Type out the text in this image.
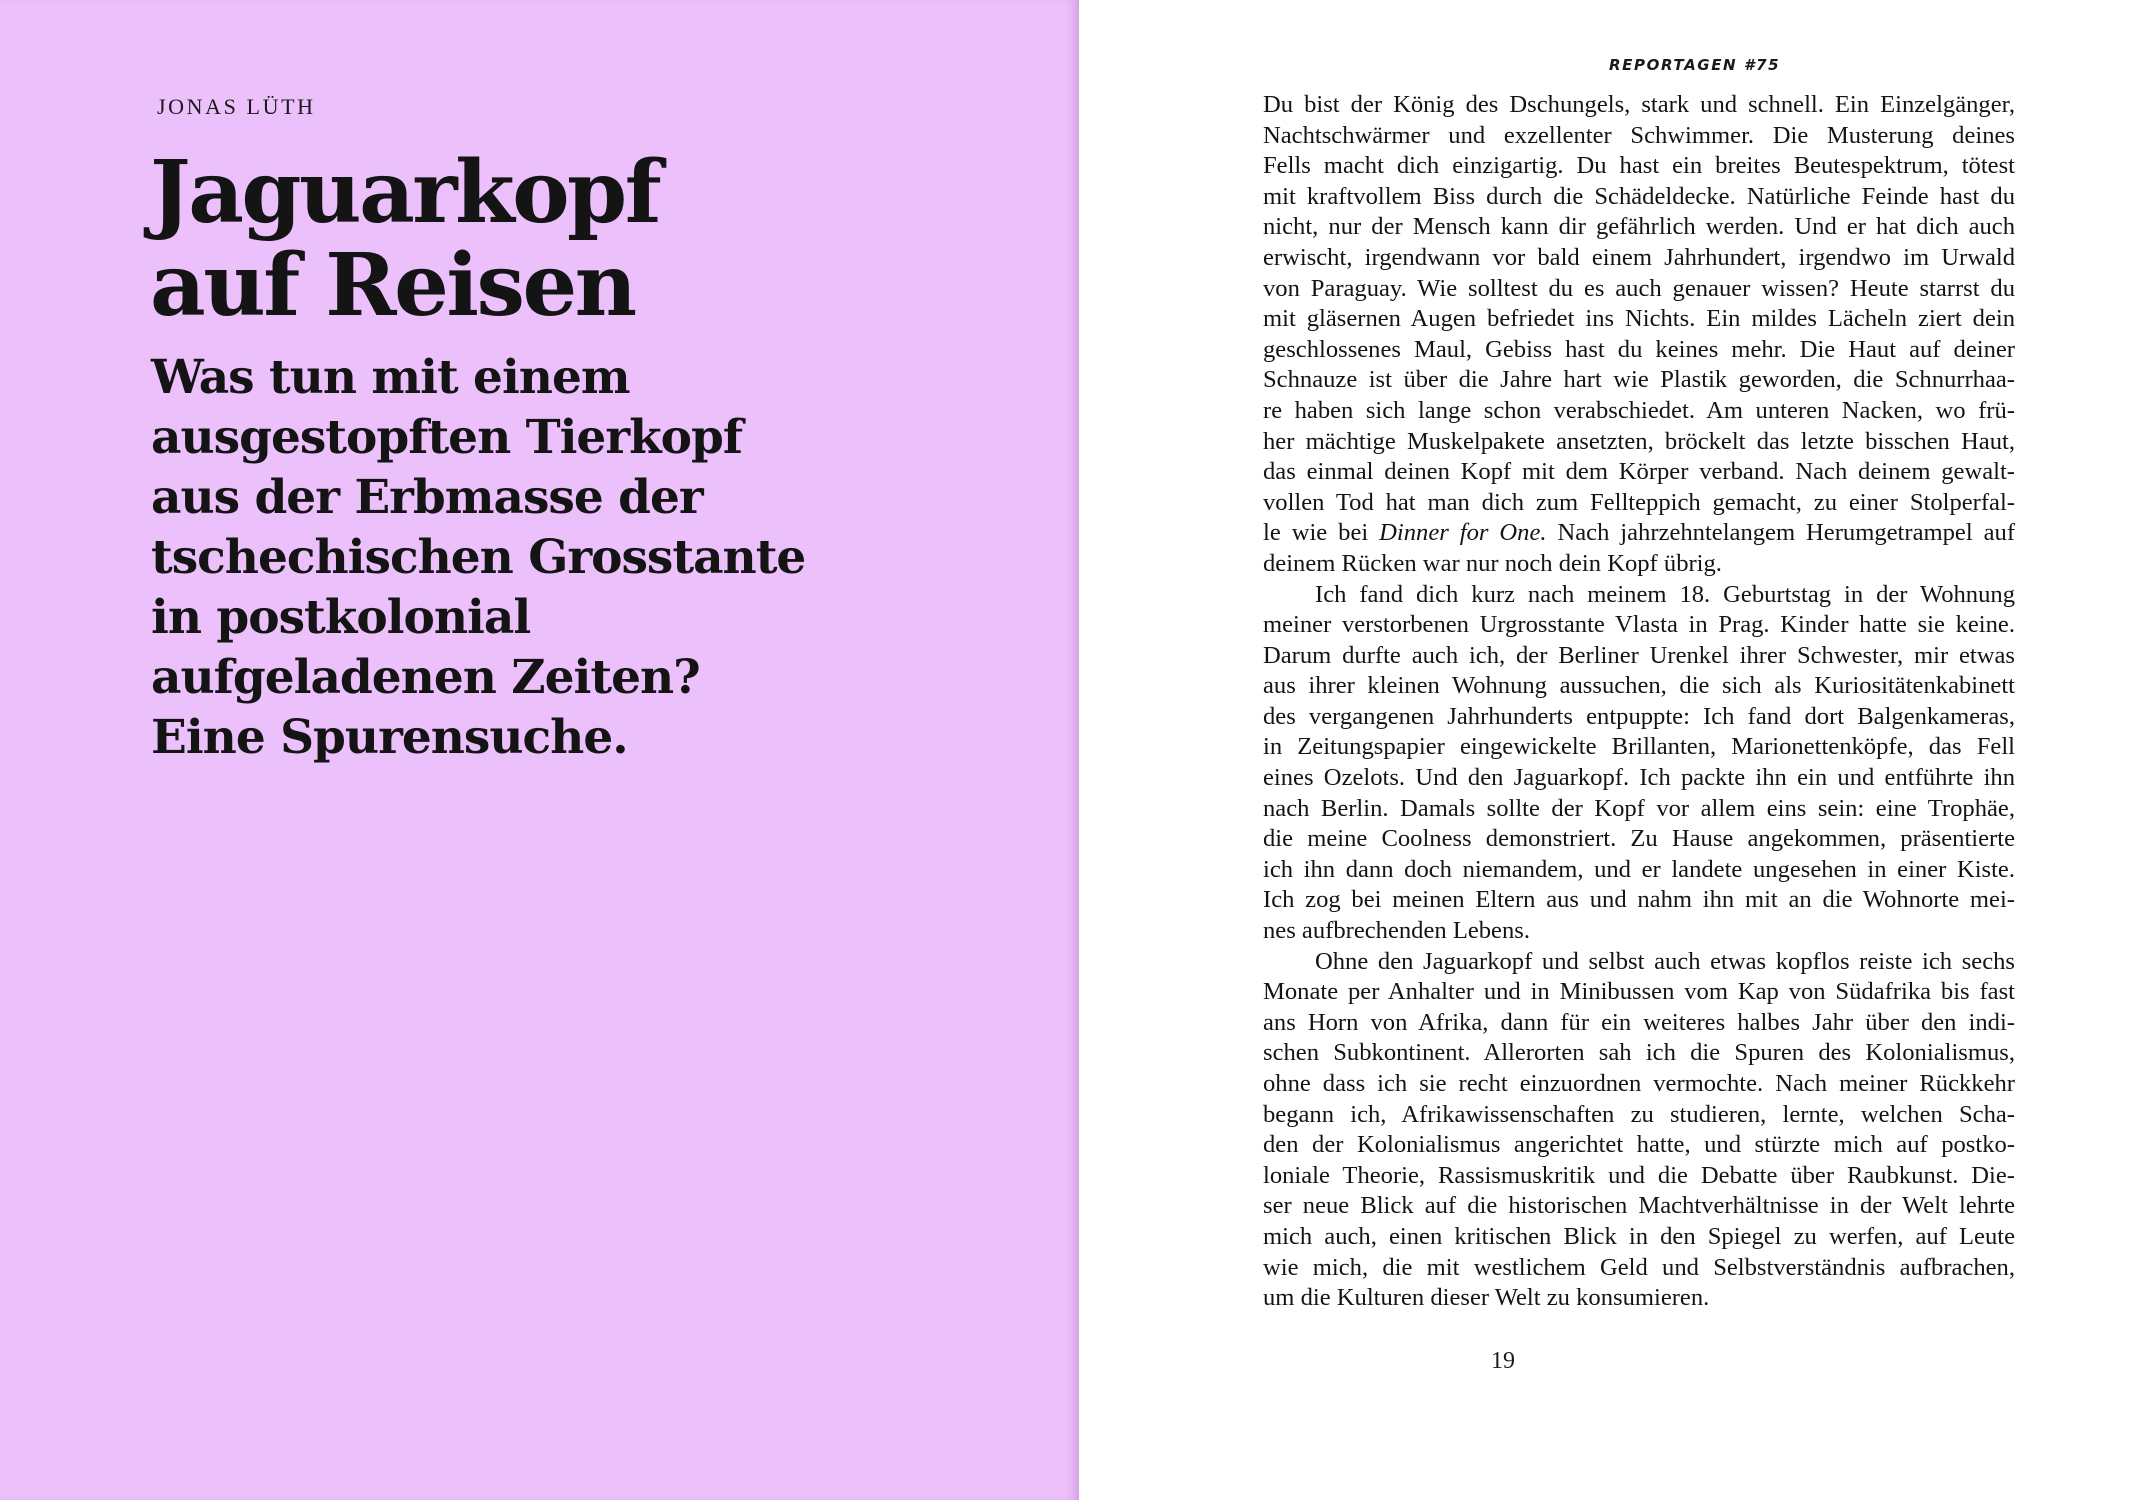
JONAS LÜTH
Jaguarkopf
auf Reisen
Was tun mit einem
ausgestopften Tierkopf
aus der Erbmasse der
tschechischen Grosstante
in postkolonial
aufgeladenen Zeiten?
Eine Spurensuche.
REPORTAGEN #75
Du bist der König des Dschungels, stark und schnell. Ein Einzelgänger,
Nachtschwärmer und exzellenter Schwimmer. Die Musterung deines
Fells macht dich einzigartig. Du hast ein breites Beutespektrum, tötest
mit kraftvollem Biss durch die Schädeldecke. Natürliche Feinde hast du
nicht, nur der Mensch kann dir gefährlich werden. Und er hat dich auch
erwischt, irgendwann vor bald einem Jahrhundert, irgendwo im Urwald
von Paraguay. Wie solltest du es auch genauer wissen? Heute starrst du
mit gläsernen Augen befriedet ins Nichts. Ein mildes Lächeln ziert dein
geschlossenes Maul, Gebiss hast du keines mehr. Die Haut auf deiner
Schnauze ist über die Jahre hart wie Plastik geworden, die Schnurrhaa-
re haben sich lange schon verabschiedet. Am unteren Nacken, wo frü-
her mächtige Muskelpakete ansetzten, bröckelt das letzte bisschen Haut,
das einmal deinen Kopf mit dem Körper verband. Nach deinem gewalt-
vollen Tod hat man dich zum Fellteppich gemacht, zu einer Stolperfal-
le wie bei Dinner for One. Nach jahrzehntelangem Herumgetrampel auf
deinem Rücken war nur noch dein Kopf übrig.
Ich fand dich kurz nach meinem 18. Geburtstag in der Wohnung
meiner verstorbenen Urgrosstante Vlasta in Prag. Kinder hatte sie keine.
Darum durfte auch ich, der Berliner Urenkel ihrer Schwester, mir etwas
aus ihrer kleinen Wohnung aussuchen, die sich als Kuriositätenkabinett
des vergangenen Jahrhunderts entpuppte: Ich fand dort Balgenkameras,
in Zeitungspapier eingewickelte Brillanten, Marionettenköpfe, das Fell
eines Ozelots. Und den Jaguarkopf. Ich packte ihn ein und entführte ihn
nach Berlin. Damals sollte der Kopf vor allem eins sein: eine Trophäe,
die meine Coolness demonstriert. Zu Hause angekommen, präsentierte
ich ihn dann doch niemandem, und er landete ungesehen in einer Kiste.
Ich zog bei meinen Eltern aus und nahm ihn mit an die Wohnorte mei-
nes aufbrechenden Lebens.
Ohne den Jaguarkopf und selbst auch etwas kopflos reiste ich sechs
Monate per Anhalter und in Minibussen vom Kap von Südafrika bis fast
ans Horn von Afrika, dann für ein weiteres halbes Jahr über den indi-
schen Subkontinent. Allerorten sah ich die Spuren des Kolonialismus,
ohne dass ich sie recht einzuordnen vermochte. Nach meiner Rückkehr
begann ich, Afrikawissenschaften zu studieren, lernte, welchen Scha-
den der Kolonialismus angerichtet hatte, und stürzte mich auf postko-
loniale Theorie, Rassismuskritik und die Debatte über Raubkunst. Die-
ser neue Blick auf die historischen Machtverhältnisse in der Welt lehrte
mich auch, einen kritischen Blick in den Spiegel zu werfen, auf Leute
wie mich, die mit westlichem Geld und Selbstverständnis aufbrachen,
um die Kulturen dieser Welt zu konsumieren.
19
